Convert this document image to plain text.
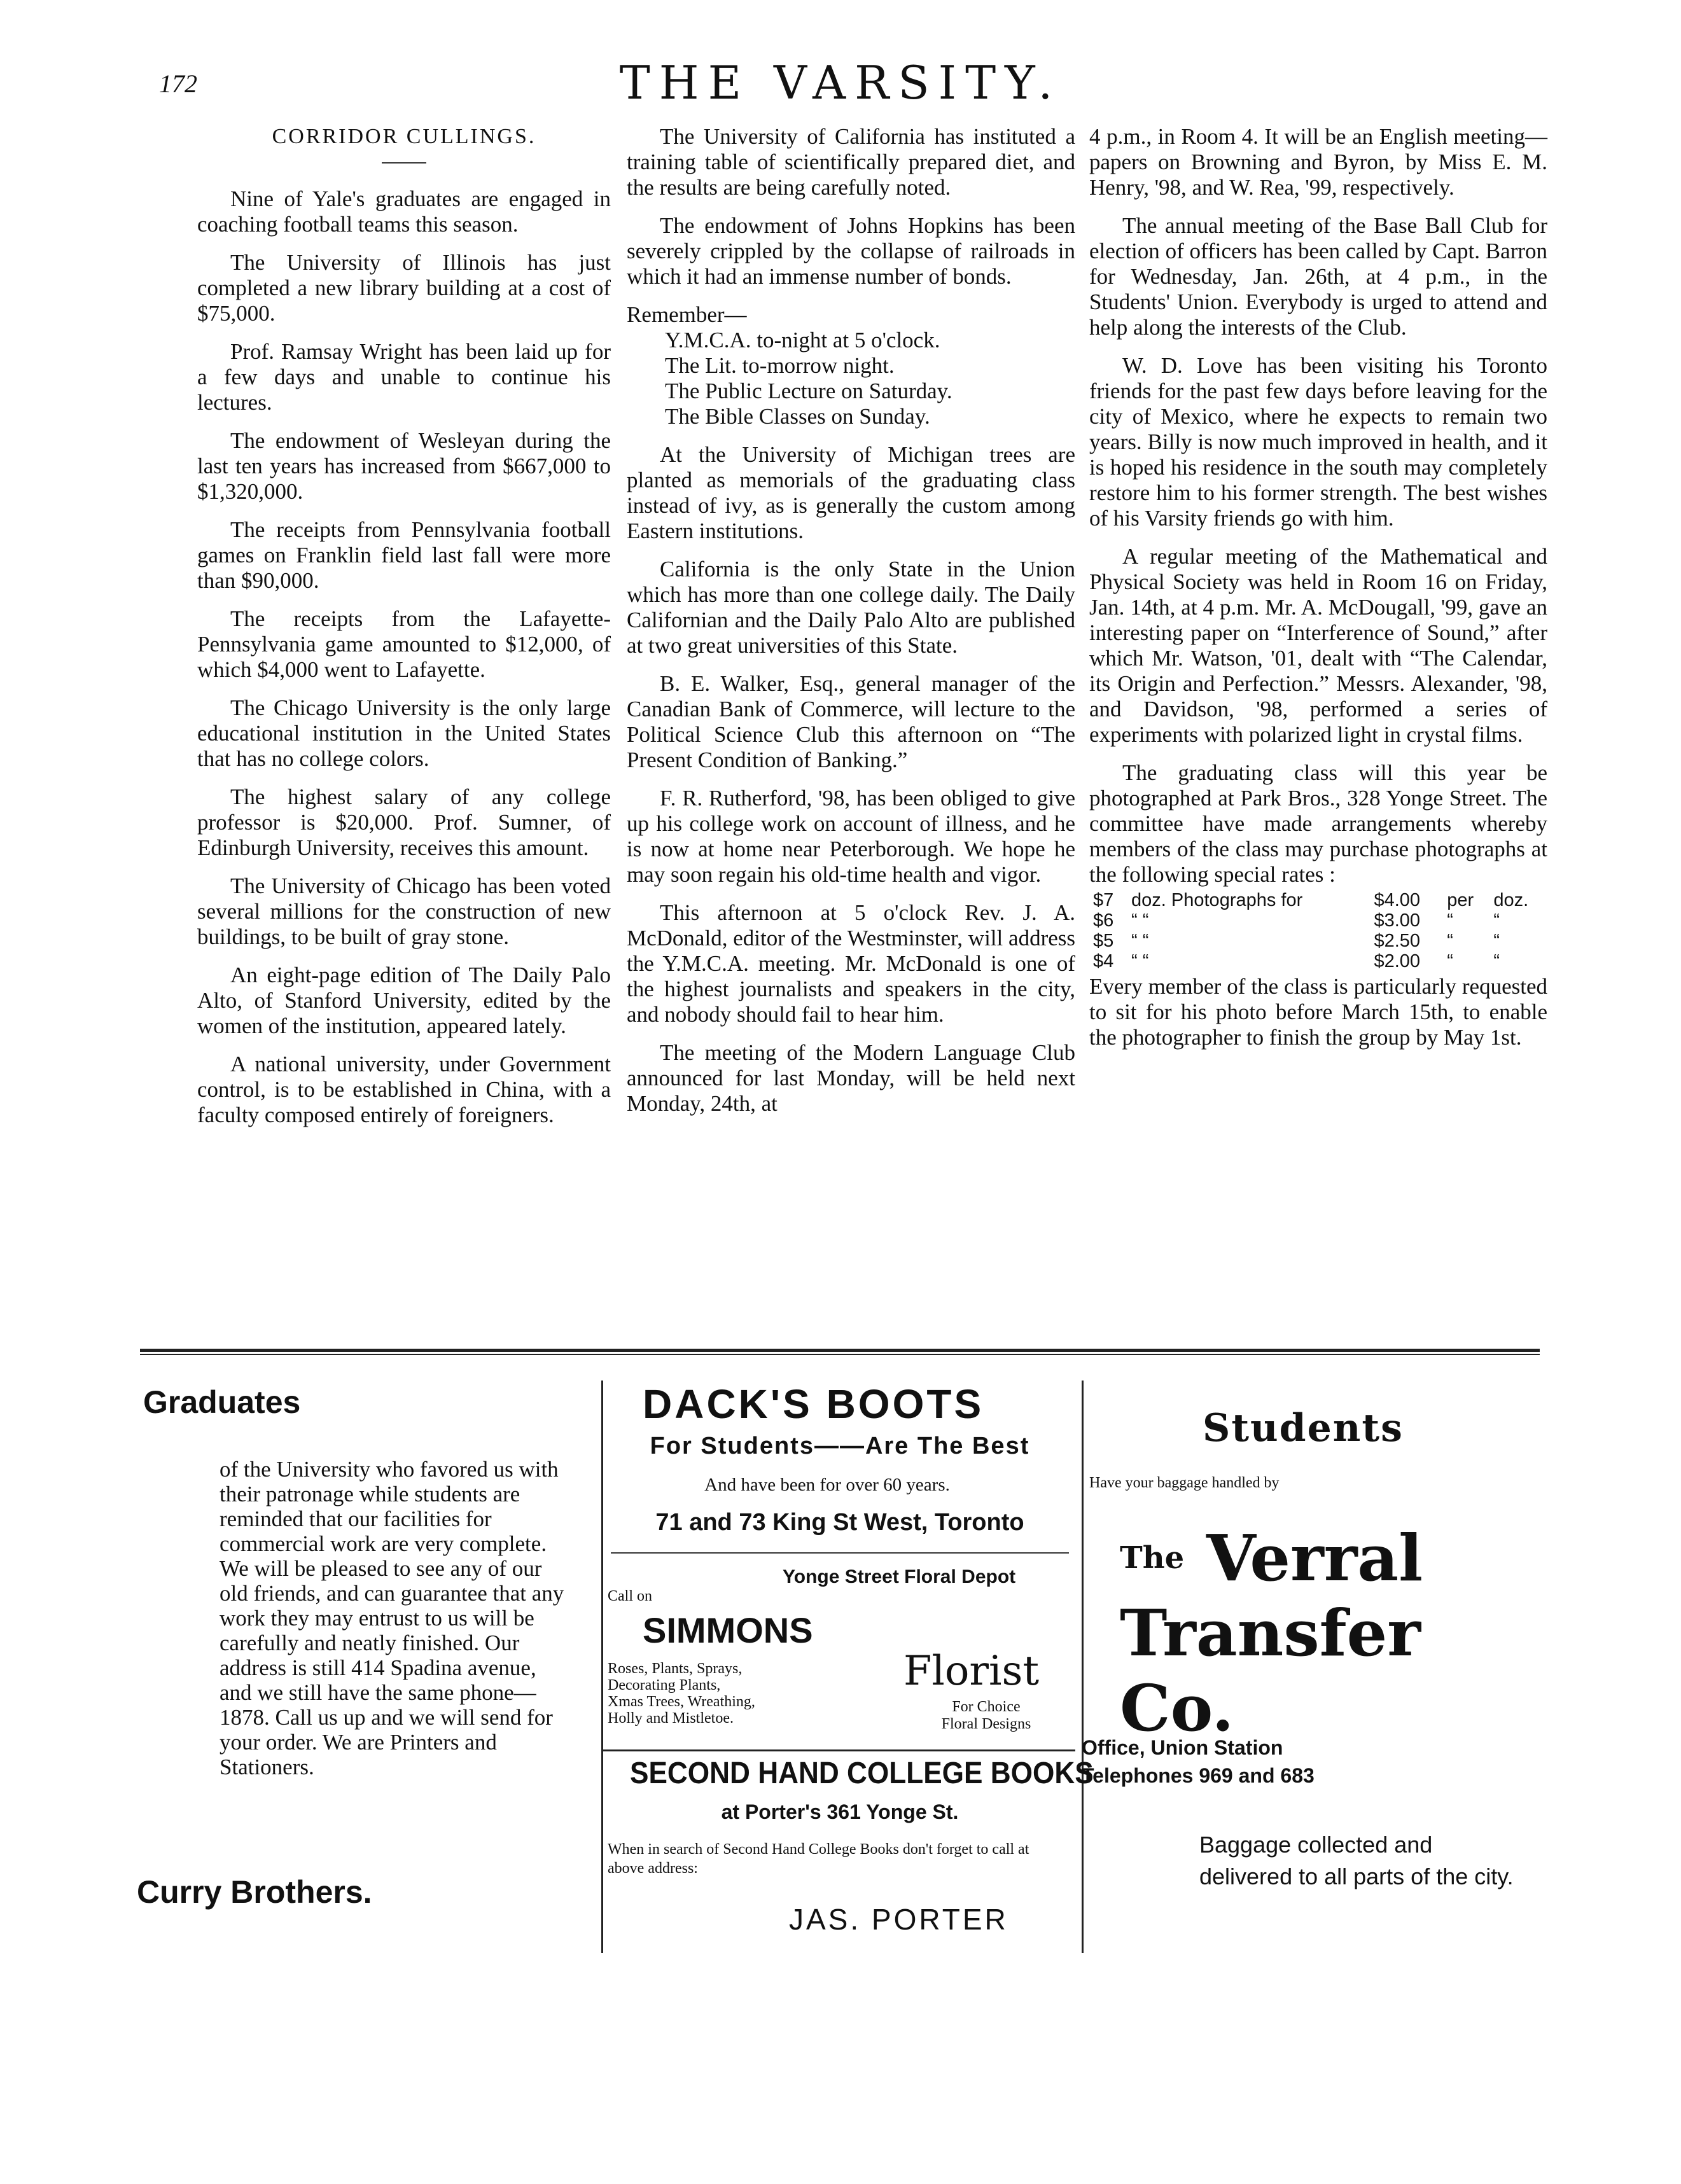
172	THE VARSITY.
CORRIDOR CULLINGS.

Nine of Yale's graduates are engaged in coaching football teams this season.

The University of Illinois has just completed a new library building at a cost of $75,000.

Prof. Ramsay Wright has been laid up for a few days and unable to continue his lectures.

The endowment of Wesleyan during the last ten years has increased from $667,000 to $1,320,000.

The receipts from Pennsylvania football games on Franklin field last fall were more than $90,000.

The receipts from the Lafayette-Pennsylvania game amounted to $12,000, of which $4,000 went to Lafayette.

The Chicago University is the only large educational institution in the United States that has no college colors.

The highest salary of any college professor is $20,000. Prof. Sumner, of Edinburgh University, receives this amount.

The University of Chicago has been voted several millions for the construction of new buildings, to be built of gray stone.

An eight-page edition of The Daily Palo Alto, of Stanford University, edited by the women of the institution, appeared lately.

A national university, under Government control, is to be established in China, with a faculty composed entirely of foreigners.

The University of California has instituted a training table of scientifically prepared diet, and the results are being carefully noted.

The endowment of Johns Hopkins has been severely crippled by the collapse of railroads in which it had an immense number of bonds.

Remember—
Y.M.C.A. to-night at 5 o'clock.
The Lit. to-morrow night.
The Public Lecture on Saturday.
The Bible Classes on Sunday.

At the University of Michigan trees are planted as memorials of the graduating class instead of ivy, as is generally the custom among Eastern institutions.

California is the only State in the Union which has more than one college daily. The Daily Californian and the Daily Palo Alto are published at two great universities of this State.

B. E. Walker, Esq., general manager of the Canadian Bank of Commerce, will lecture to the Political Science Club this afternoon on “The Present Condition of Banking.”

F. R. Rutherford, '98, has been obliged to give up his college work on account of illness, and he is now at home near Peterborough. We hope he may soon regain his old-time health and vigor.

This afternoon at 5 o'clock Rev. J. A. McDonald, editor of the Westminster, will address the Y.M.C.A. meeting. Mr. McDonald is one of the highest journalists and speakers in the city, and nobody should fail to hear him.

The meeting of the Modern Language Club announced for last Monday, will be held next Monday, 24th, at

4 p.m., in Room 4. It will be an English meeting—papers on Browning and Byron, by Miss E. M. Henry, '98, and W. Rea, '99, respectively.

The annual meeting of the Base Ball Club for election of officers has been called by Capt. Barron for Wednesday, Jan. 26th, at 4 p.m., in the Students' Union. Everybody is urged to attend and help along the interests of the Club.

W. D. Love has been visiting his Toronto friends for the past few days before leaving for the city of Mexico, where he expects to remain two years. Billy is now much improved in health, and it is hoped his residence in the south may completely restore him to his former strength. The best wishes of his Varsity friends go with him.

A regular meeting of the Mathematical and Physical Society was held in Room 16 on Friday, Jan. 14th, at 4 p.m. Mr. A. McDougall, '99, gave an interesting paper on “Interference of Sound,” after which Mr. Watson, '01, dealt with “The Calendar, its Origin and Perfection.” Messrs. Alexander, '98, and Davidson, '98, performed a series of experiments with polarized light in crystal films.

The graduating class will this year be photographed at Park Bros., 328 Yonge Street. The committee have made arrangements whereby members of the class may purchase photographs at the following special rates :

$7	doz. Photographs for	$4.00	per	doz.
$6	“ “	$3.00	“	“
$5	“ “	$2.50	“	“
$4	“ “	$2.00	“	“

Every member of the class is particularly requested to sit for his photo before March 15th, to enable the photographer to finish the group by May 1st.

Graduates
of the University who favored us with their patronage while students are reminded that our facilities for commercial work are very complete. We will be pleased to see any of our old friends, and can guarantee that any work they may entrust to us will be carefully and neatly finished. Our address is still 414 Spadina avenue, and we still have the same phone—1878. Call us up and we will send for your order. We are Printers and Stationers.
Curry Brothers.
DACK'S BOOTS
For Students——Are The Best
And have been for over 60 years.
71 and 73 King St West, Toronto
Yonge Street Floral Depot
Call on
SIMMONS
Roses, Plants, Sprays,
Decorating Plants,
Xmas Trees, Wreathing,
Holly and Mistletoe.
Florist
For Choice
Floral Designs
SECOND HAND COLLEGE BOOKS
at Porter's 361 Yonge St.
When in search of Second Hand College Books don't forget to call at above address:
JAS. PORTER
Students
Have your baggage handled by
$^{The}$ Verral
Transfer
Co.
Office, Union Station
Telephones 969 and 683
Baggage collected and delivered to all parts of the city.
